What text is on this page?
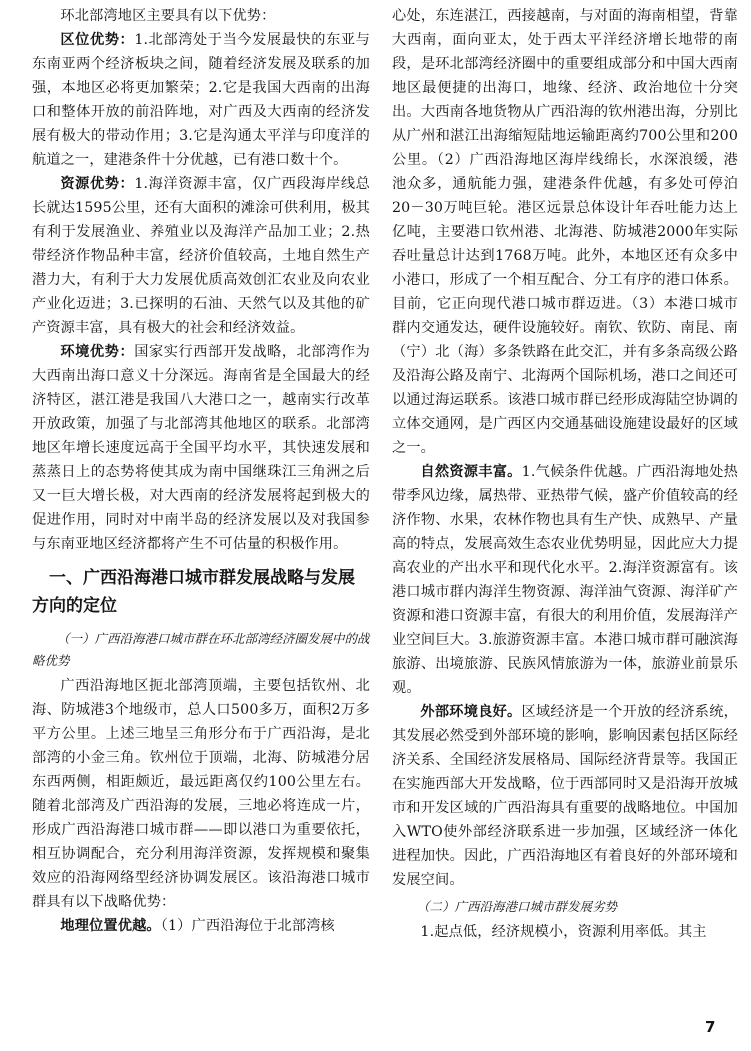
环北部湾地区主要具有以下优势：

区位优势：1.北部湾处于当今发展最快的东亚与东南亚两个经济板块之间，随着经济发展及联系的加强，本地区必将更加繁荣；2.它是我国大西南的出海口和整体开放的前沿阵地，对广西及大西南的经济发展有极大的带动作用；3.它是沟通太平洋与印度洋的航道之一，建港条件十分优越，已有港口数十个。

资源优势：1.海洋资源丰富，仅广西段海岸线总长就达1595公里，还有大面积的滩涂可供利用，极其有利于发展渔业、养殖业以及海洋产品加工业；2.热带经济作物品种丰富，经济价值较高，土地自然生产潜力大，有利于大力发展优质高效创汇农业及向农业产业化迈进；3.已探明的石油、天然气以及其他的矿产资源丰富，具有极大的社会和经济效益。

环境优势：国家实行西部开发战略，北部湾作为大西南出海口意义十分深远。海南省是全国最大的经济特区，湛江港是我国八大港口之一，越南实行改革开放政策，加强了与北部湾其他地区的联系。北部湾地区年增长速度远高于全国平均水平，其快速发展和蒸蒸日上的态势将使其成为南中国继珠江三角洲之后又一巨大增长极，对大西南的经济发展将起到极大的促进作用，同时对中南半岛的经济发展以及对我国参与东南亚地区经济都将产生不可估量的积极作用。

一、广西沿海港口城市群发展战略与发展方向的定位
（一）广西沿海港口城市群在环北部湾经济圈发展中的战略优势

广西沿海地区扼北部湾顶端，主要包括钦州、北海、防城港3个地级市，总人口500多万，面积2万多平方公里。上述三地呈三角形分布于广西沿海，是北部湾的小金三角。钦州位于顶端，北海、防城港分居东西两侧，相距颇近，最远距离仅约100公里左右。随着北部湾及广西沿海的发展，三地必将连成一片，形成广西沿海港口城市群——即以港口为重要依托，相互协调配合，充分利用海洋资源，发挥规模和聚集效应的沿海网络型经济协调发展区。该沿海港口城市群具有以下战略优势：

地理位置优越。（1）广西沿海位于北部湾核

心处，东连湛江，西接越南，与对面的海南相望，背靠大西南，面向亚太，处于西太平洋经济增长地带的南段，是环北部湾经济圈中的重要组成部分和中国大西南地区最便捷的出海口，地缘、经济、政治地位十分突出。大西南各地货物从广西沿海的钦州港出海，分别比从广州和湛江出海缩短陆地运输距离约700公里和200公里。（2）广西沿海地区海岸线绵长，水深浪缓，港池众多，通航能力强，建港条件优越，有多处可停泊20－30万吨巨轮。港区远景总体设计年吞吐能力达上亿吨，主要港口钦州港、北海港、防城港2000年实际吞吐量总计达到1768万吨。此外，本地区还有众多中小港口，形成了一个相互配合、分工有序的港口体系。目前，它正向现代港口城市群迈进。（3）本港口城市群内交通发达，硬件设施较好。南钦、钦防、南昆、南（宁）北（海）多条铁路在此交汇，并有多条高级公路及沿海公路及南宁、北海两个国际机场，港口之间还可以通过海运联系。该港口城市群已经形成海陆空协调的立体交通网，是广西区内交通基础设施建设最好的区域之一。

自然资源丰富。1.气候条件优越。广西沿海地处热带季风边缘，属热带、亚热带气候，盛产价值较高的经济作物、水果，农林作物也具有生产快、成熟早、产量高的特点，发展高效生态农业优势明显，因此应大力提高农业的产出水平和现代化水平。2.海洋资源富有。该港口城市群内海洋生物资源、海洋油气资源、海洋矿产资源和港口资源丰富，有很大的利用价值，发展海洋产业空间巨大。3.旅游资源丰富。本港口城市群可融滨海旅游、出境旅游、民族风情旅游为一体，旅游业前景乐观。

外部环境良好。区域经济是一个开放的经济系统，其发展必然受到外部环境的影响，影响因素包括区际经济关系、全国经济发展格局、国际经济背景等。我国正在实施西部大开发战略，位于西部同时又是沿海开放城市和开发区域的广西沿海具有重要的战略地位。中国加入WTO使外部经济联系进一步加强，区域经济一体化进程加快。因此，广西沿海地区有着良好的外部环境和发展空间。

（二）广西沿海港口城市群发展劣势

1.起点低，经济规模小，资源利用率低。其主

7
